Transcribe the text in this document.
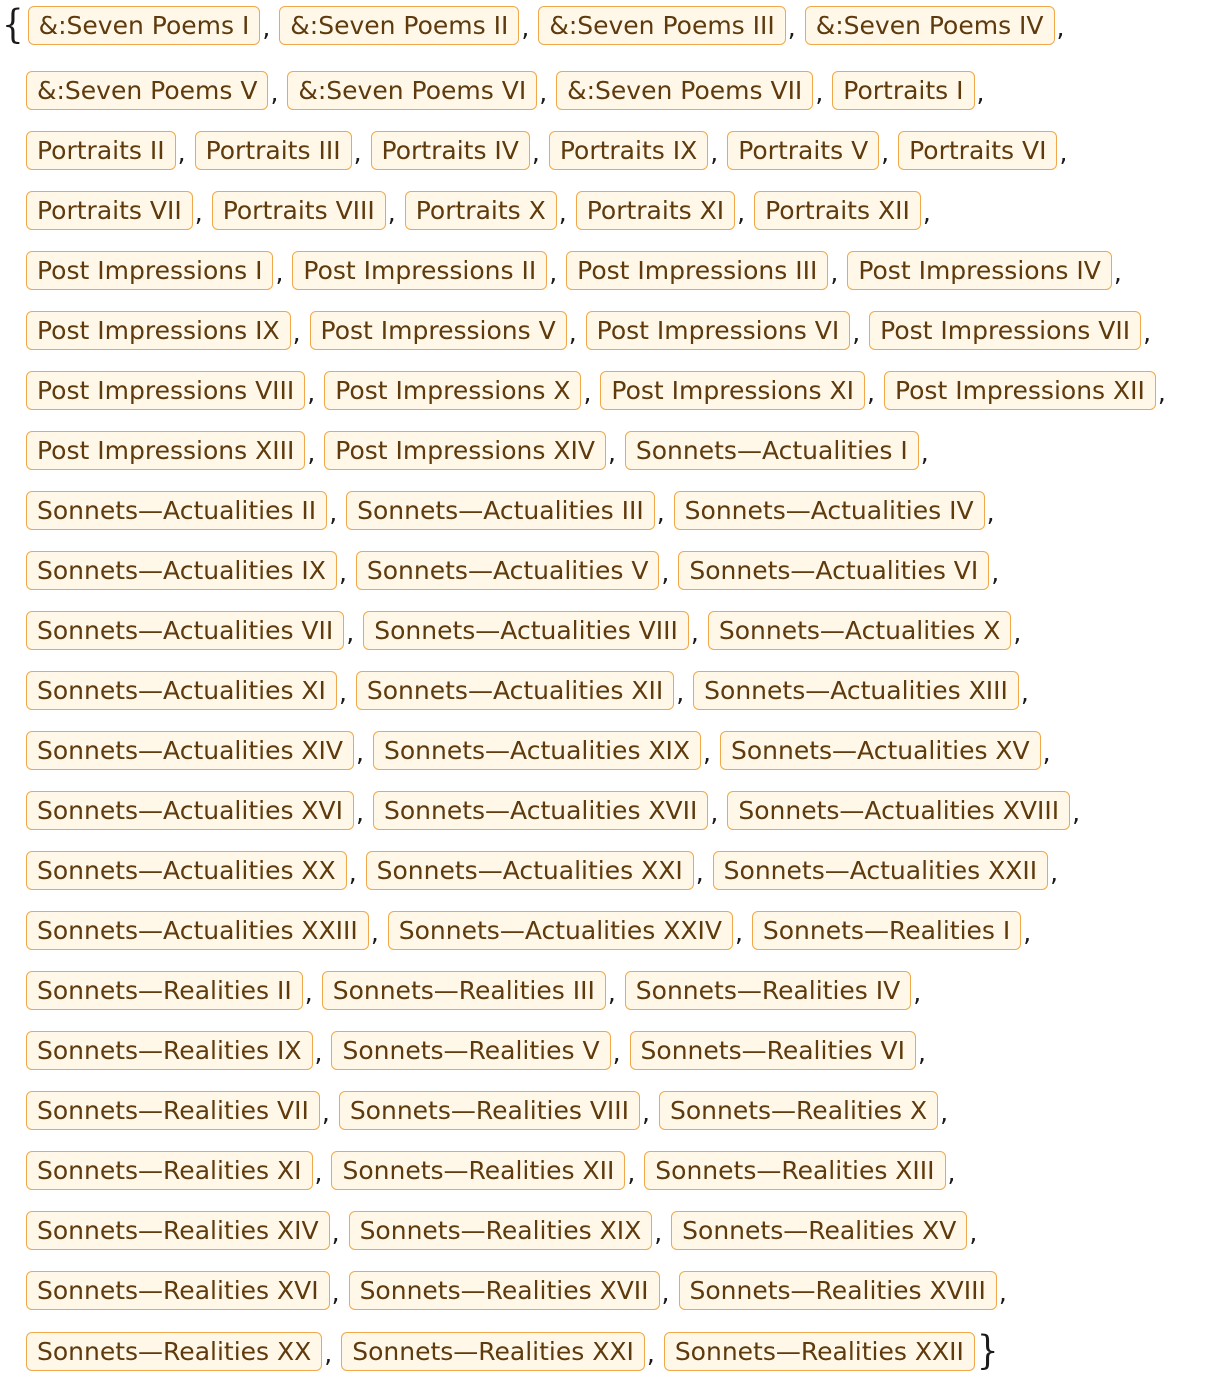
{ &:Seven Poems I , &:Seven Poems II , &:Seven Poems III , &:Seven Poems IV ,
&:Seven Poems V , &:Seven Poems VI , &:Seven Poems VII , Portraits I ,
Portraits II , Portraits III , Portraits IV , Portraits IX , Portraits V , Portraits VI ,
Portraits VII , Portraits VIII , Portraits X , Portraits XI , Portraits XII ,
Post Impressions I , Post Impressions II , Post Impressions III , Post Impressions IV ,
Post Impressions IX , Post Impressions V , Post Impressions VI , Post Impressions VII ,
Post Impressions VIII , Post Impressions X , Post Impressions XI , Post Impressions XII ,
Post Impressions XIII , Post Impressions XIV , Sonnets—Actualities I ,
Sonnets—Actualities II , Sonnets—Actualities III , Sonnets—Actualities IV ,
Sonnets—Actualities IX , Sonnets—Actualities V , Sonnets—Actualities VI ,
Sonnets—Actualities VII , Sonnets—Actualities VIII , Sonnets—Actualities X ,
Sonnets—Actualities XI , Sonnets—Actualities XII , Sonnets—Actualities XIII ,
Sonnets—Actualities XIV , Sonnets—Actualities XIX , Sonnets—Actualities XV ,
Sonnets—Actualities XVI , Sonnets—Actualities XVII , Sonnets—Actualities XVIII ,
Sonnets—Actualities XX , Sonnets—Actualities XXI , Sonnets—Actualities XXII ,
Sonnets—Actualities XXIII , Sonnets—Actualities XXIV , Sonnets—Realities I ,
Sonnets—Realities II , Sonnets—Realities III , Sonnets—Realities IV ,
Sonnets—Realities IX , Sonnets—Realities V , Sonnets—Realities VI ,
Sonnets—Realities VII , Sonnets—Realities VIII , Sonnets—Realities X ,
Sonnets—Realities XI , Sonnets—Realities XII , Sonnets—Realities XIII ,
Sonnets—Realities XIV , Sonnets—Realities XIX , Sonnets—Realities XV ,
Sonnets—Realities XVI , Sonnets—Realities XVII , Sonnets—Realities XVIII ,
Sonnets—Realities XX , Sonnets—Realities XXI , Sonnets—Realities XXII }
